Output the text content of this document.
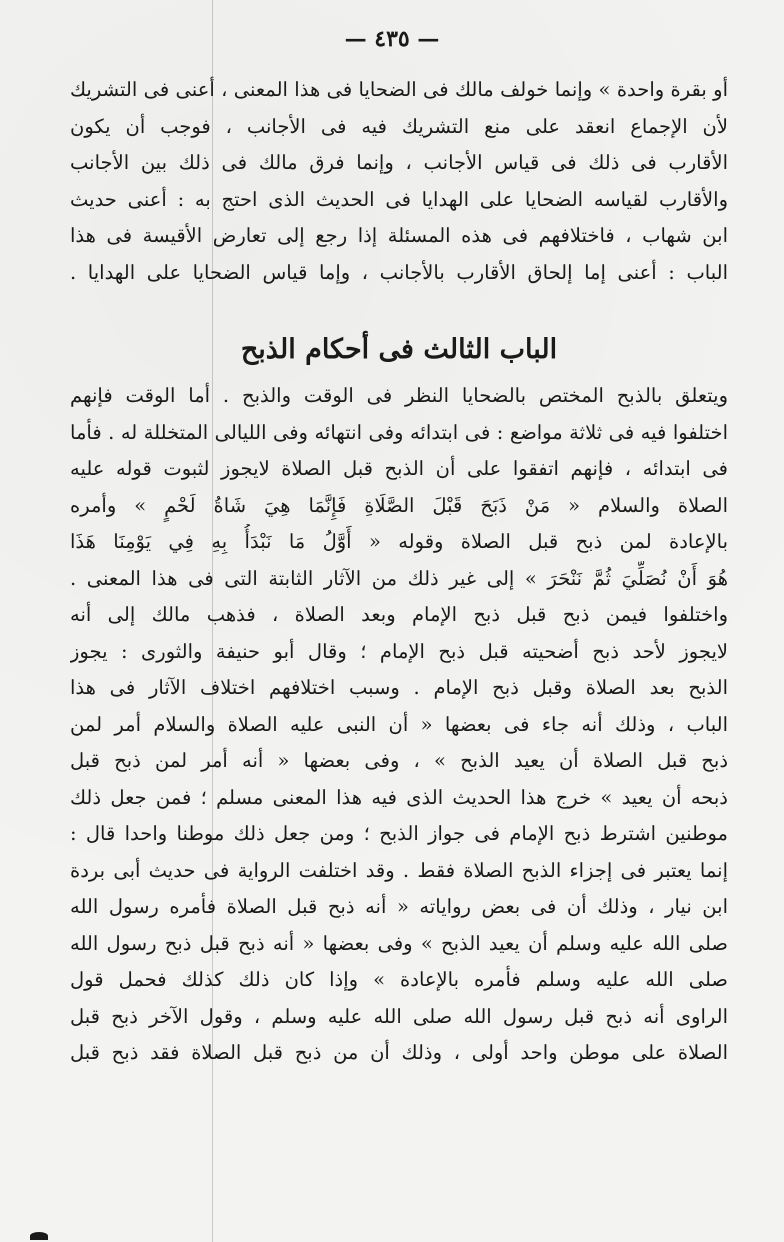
— ٤٣٥ —
أو بقرة واحدة » وإنما خولف مالك فى الضحايا فى هذا المعنى ، أعنى فى التشريك
لأن الإجماع انعقد على منع التشريك فيه فى الأجانب ، فوجب أن يكون
الأقارب فى ذلك فى قياس الأجانب ، وإنما فرق مالك فى ذلك بين الأجانب
والأقارب لقياسه الضحايا على الهدايا فى الحديث الذى احتج به : أعنى حديث
ابن شهاب ، فاختلافهم فى هذه المسئلة إذا رجع إلى تعارض الأقيسة فى هذا
الباب : أعنى إما إلحاق الأقارب بالأجانب ، وإما قياس الضحايا على الهدايا .
الباب الثالث فى أحكام الذبح
ويتعلق بالذبح المختص بالضحايا النظر فى الوقت والذبح . أما الوقت فإنهم
اختلفوا فيه فى ثلاثة مواضع : فى ابتدائه وفى انتهائه وفى الليالى المتخللة له . فأما
فى ابتدائه ، فإنهم اتفقوا على أن الذبح قبل الصلاة لايجوز لثبوت قوله عليه
الصلاة والسلام « مَنْ ذَبَحَ قَبْلَ الصَّلَاةِ فَإِنَّمَا هِيَ شَاةُ لَحْمٍ » وأمره
بالإعادة لمن ذبح قبل الصلاة وقوله « أَوَّلُ مَا نَبْدَأُ بِهِ فِي يَوْمِنَا هَذَا
هُوَ أَنْ نُصَلِّيَ ثُمَّ نَنْحَرَ » إلى غير ذلك من الآثار الثابتة التى فى هذا المعنى .
واختلفوا فيمن ذبح قبل ذبح الإمام وبعد الصلاة ، فذهب مالك إلى أنه
لايجوز لأحد ذبح أضحيته قبل ذبح الإمام ؛ وقال أبو حنيفة والثورى : يجوز
الذبح بعد الصلاة وقبل ذبح الإمام . وسبب اختلافهم اختلاف الآثار فى هذا
الباب ، وذلك أنه جاء فى بعضها « أن النبى عليه الصلاة والسلام أمر لمن
ذبح قبل الصلاة أن يعيد الذبح » ، وفى بعضها « أنه أمر لمن ذبح قبل
ذبحه أن يعيد » خرج هذا الحديث الذى فيه هذا المعنى مسلم ؛ فمن جعل ذلك
موطنين اشترط ذبح الإمام فى جواز الذبح ؛ ومن جعل ذلك موطنا واحدا قال :
إنما يعتبر فى إجزاء الذبح الصلاة فقط . وقد اختلفت الرواية فى حديث أبى بردة
ابن نيار ، وذلك أن فى بعض رواياته « أنه ذبح قبل الصلاة فأمره رسول الله
صلى الله عليه وسلم أن يعيد الذبح » وفى بعضها « أنه ذبح قبل ذبح رسول الله
صلى الله عليه وسلم فأمره بالإعادة » وإذا كان ذلك كذلك فحمل قول
الراوى أنه ذبح قبل رسول الله صلى الله عليه وسلم ، وقول الآخر ذبح قبل
الصلاة على موطن واحد أولى ، وذلك أن من ذبح قبل الصلاة فقد ذبح قبل
